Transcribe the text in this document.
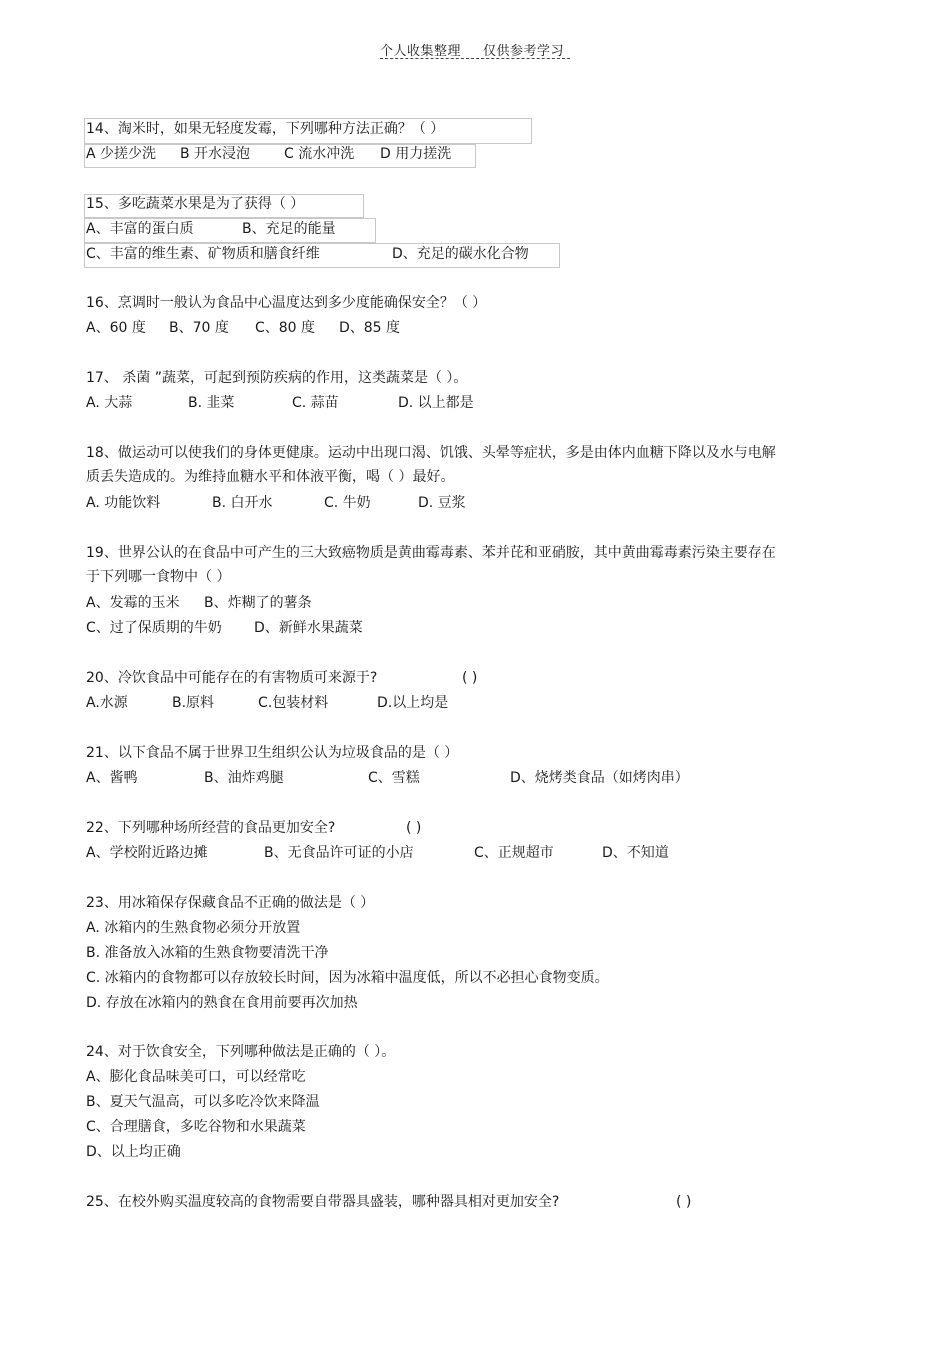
个人收集整理 仅供参考学习
14、淘米时，如果无轻度发霉，下列哪种方法正确？（ ）
A 少搓少洗	B 开水浸泡	C 流水冲洗	D 用力搓洗
15、多吃蔬菜水果是为了获得（ ）
A、丰富的蛋白质	B、充足的能量
C、丰富的维生素、矿物质和膳食纤维	D、充足的碳水化合物
16、烹调时一般认为食品中心温度达到多少度能确保安全？（ ）
A、60 度	B、70 度	C、80 度	D、85 度
17、 杀菌 ”蔬菜，可起到预防疾病的作用，这类蔬菜是（ ）。
A. 大蒜	B. 韭菜	C. 蒜苗	D. 以上都是
18、做运动可以使我们的身体更健康。运动中出现口渴、饥饿、头晕等症状，多是由体内血糖下降以及水与电解质丢失造成的。为维持血糖水平和体液平衡，喝（ ）最好。
A. 功能饮料	B. 白开水	C. 牛奶	D. 豆浆
19、世界公认的在食品中可产生的三大致癌物质是黄曲霉毒素、苯并芘和亚硝胺，其中黄曲霉毒素污染主要存在于下列哪一食物中（ ）
A、发霉的玉米	B、炸糊了的薯条
C、过了保质期的牛奶	D、新鲜水果蔬菜
20、冷饮食品中可能存在的有害物质可来源于?	( )
A.水源	B.原料	C.包装材料	D.以上均是
21、以下食品不属于世界卫生组织公认为垃圾食品的是（ ）
A、酱鸭	B、油炸鸡腿	C、雪糕	D、烧烤类食品（如烤肉串）
22、下列哪种场所经营的食品更加安全?	( )
A、学校附近路边摊	B、无食品许可证的小店	C、正规超市	D、不知道
23、用冰箱保存保藏食品不正确的做法是（ ）
A. 冰箱内的生熟食物必须分开放置
B. 准备放入冰箱的生熟食物要清洗干净
C. 冰箱内的食物都可以存放较长时间，因为冰箱中温度低，所以不必担心食物变质。
D. 存放在冰箱内的熟食在食用前要再次加热
24、对于饮食安全，下列哪种做法是正确的（ ）。
A、膨化食品味美可口，可以经常吃
B、夏天气温高，可以多吃冷饮来降温
C、合理膳食，多吃谷物和水果蔬菜
D、以上均正确
25、在校外购买温度较高的食物需要自带器具盛装，哪种器具相对更加安全?	( )
